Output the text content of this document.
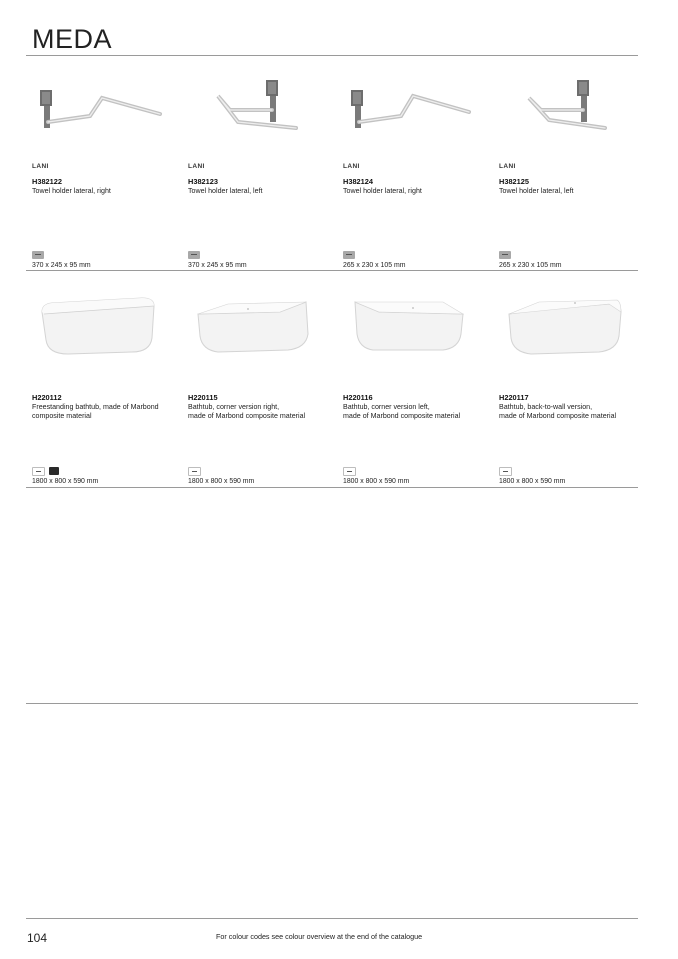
MEDA
LANI
H382122
Towel holder lateral, right
370 x 245 x 95 mm
LANI
H382123
Towel holder lateral, left
370 x 245 x 95 mm
LANI
H382124
Towel holder lateral, right
265 x 230 x 105 mm
LANI
H382125
Towel holder lateral, left
265 x 230 x 105 mm
H220112
Freestanding bathtub, made of Marbond
composite material
1800 x 800 x 590 mm
H220115
Bathtub, corner version right,
made of Marbond composite material
1800 x 800 x 590 mm
H220116
Bathtub, corner version left,
made of Marbond composite material
1800 x 800 x 590 mm
H220117
Bathtub, back-to-wall version,
made of Marbond composite material
1800 x 800 x 590 mm
104	For colour codes see colour overview at the end of the catalogue
